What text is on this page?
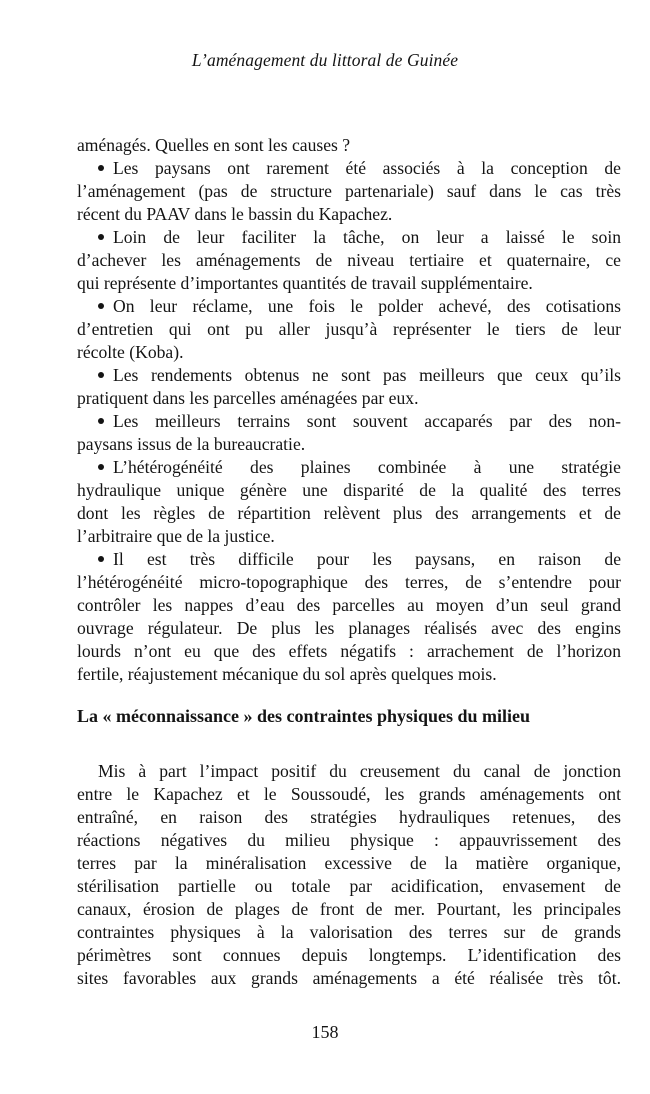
L’aménagement du littoral de Guinée
aménagés. Quelles en sont les causes ?
Les paysans ont rarement été associés à la conception de
l’aménagement (pas de structure partenariale) sauf dans le cas très
récent du PAAV dans le bassin du Kapachez.
Loin de leur faciliter la tâche, on leur a laissé le soin
d’achever les aménagements de niveau tertiaire et quaternaire, ce
qui représente d’importantes quantités de travail supplémentaire.
On leur réclame, une fois le polder achevé, des cotisations
d’entretien qui ont pu aller jusqu’à représenter le tiers de leur
récolte (Koba).
Les rendements obtenus ne sont pas meilleurs que ceux qu’ils
pratiquent dans les parcelles aménagées par eux.
Les meilleurs terrains sont souvent accaparés par des non-
paysans issus de la bureaucratie.
L’hétérogénéité des plaines combinée à une stratégie
hydraulique unique génère une disparité de la qualité des terres
dont les règles de répartition relèvent plus des arrangements et de
l’arbitraire que de la justice.
Il est très difficile pour les paysans, en raison de
l’hétérogénéité micro-topographique des terres, de s’entendre pour
contrôler les nappes d’eau des parcelles au moyen d’un seul grand
ouvrage régulateur. De plus les planages réalisés avec des engins
lourds n’ont eu que des effets négatifs : arrachement de l’horizon
fertile, réajustement mécanique du sol après quelques mois.
La « méconnaissance » des contraintes physiques du milieu
Mis à part l’impact positif du creusement du canal de jonction
entre le Kapachez et le Soussoudé, les grands aménagements ont
entraîné, en raison des stratégies hydrauliques retenues, des
réactions négatives du milieu physique : appauvrissement des
terres par la minéralisation excessive de la matière organique,
stérilisation partielle ou totale par acidification, envasement de
canaux, érosion de plages de front de mer. Pourtant, les principales
contraintes physiques à la valorisation des terres sur de grands
périmètres sont connues depuis longtemps. L’identification des
sites favorables aux grands aménagements a été réalisée très tôt.
158
